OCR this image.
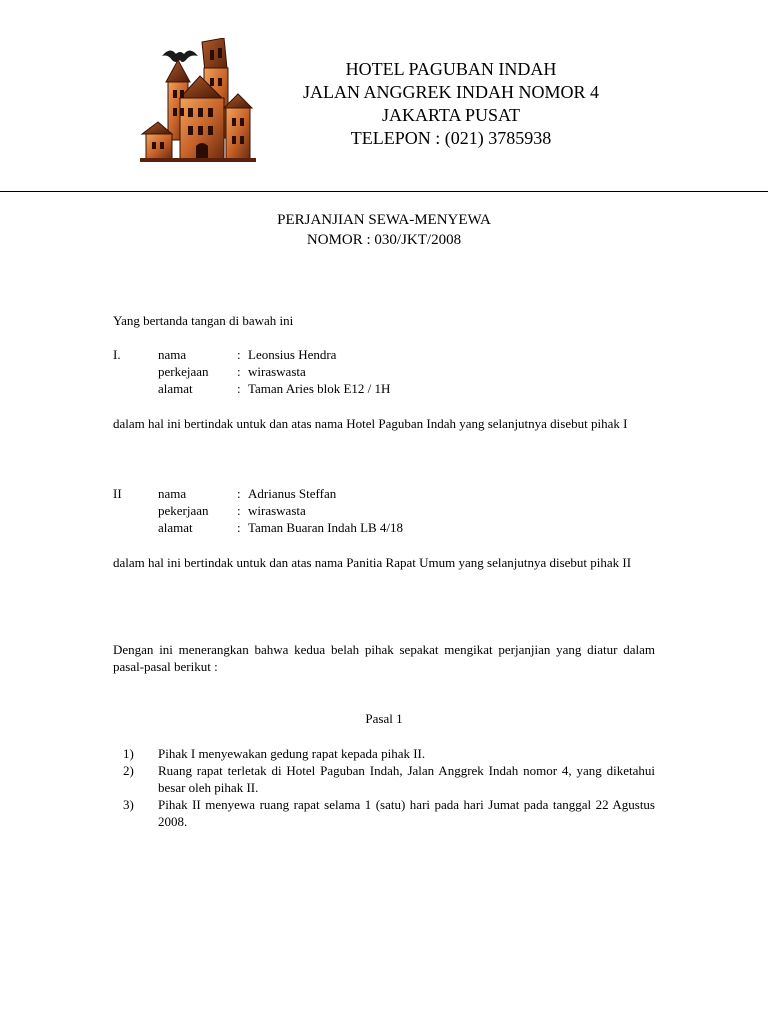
HOTEL PAGUBAN INDAH
JALAN ANGGREK INDAH NOMOR 4
JAKARTA PUSAT
TELEPON : (021) 3785938
PERJANJIAN SEWA-MENYEWA
NOMOR : 030/JKT/2008
Yang bertanda tangan di bawah ini
I.	nama	: Leonsius Hendra
perkejaan : wiraswasta
alamat	: Taman Aries blok E12 / 1H
dalam hal ini bertindak untuk dan atas nama Hotel Paguban Indah yang selanjutnya disebut pihak I
II	nama	: Adrianus Steffan
pekerjaan : wiraswasta
alamat	: Taman Buaran Indah LB 4/18
dalam hal ini bertindak untuk dan atas nama Panitia Rapat Umum yang selanjutnya disebut pihak II
Dengan ini menerangkan bahwa kedua belah pihak sepakat mengikat perjanjian yang diatur dalam pasal-pasal berikut :
Pasal 1
1) Pihak I menyewakan gedung rapat kepada pihak II.
2) Ruang rapat terletak di Hotel Paguban Indah, Jalan Anggrek Indah nomor 4, yang diketahui besar oleh pihak II.
3) Pihak II menyewa ruang rapat selama 1 (satu) hari pada hari Jumat pada tanggal 22 Agustus 2008.
